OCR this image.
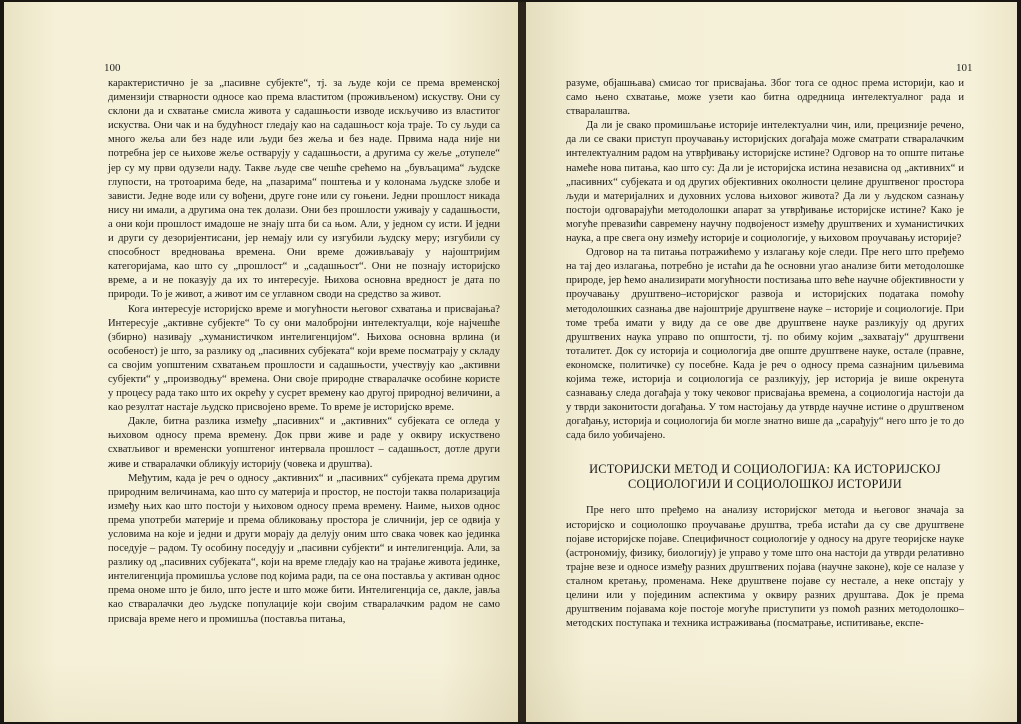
100

карактеристично је за „пасивне субјекте“, тј. за људе који се према временској димензији стварности односе као према властитом (проживљеном) искуству. Они су склони да и схватање смисла живота у садашњости изводе искључиво из властитог искуства. Они чак и на будућност гледају као на садашњост која траје. То су људи са много жеља али без наде или људи без жеља и без наде. Првима нада није ни потребна јер се њихове жеље остварују у садашњости, а другима су жеље „отупеле“ јер су му први одузели наду. Такве људе све чешће срећемо на „бувљацима“ људске глупости, на тротоарима беде, на „пазарима“ поштења и у колонама људске злобе и зависти. Једне воде или су вођени, друге гоне или су гоњени. Једни прошлост никада нису ни имали, а другима она тек долази. Они без прошлости уживају у садашњости, а они који прошлост имадоше не знају шта би са њом. Али, у једном су исти. И једни и други су дезоријентисани, јер немају или су изгубили људску меру; изгубили су способност вредновања времена. Они време доживљавају у најоштријим категоријама, као што су „прошлост“ и „садашњост“. Они не познају историјско време, а и не показују да их то интересује. Њихова основна вредност је дата по природи. То је живот, а живот им се углавном своди на средство за живот.

Кога интересује историјско време и могућности његовог схватања и присвајања? Интересује „активне субјекте“ То су они малобројни интелектуалци, које најчешће (збирно) називају „хуманистичком интелигенцијом“. Њихова основна врлина (и особеност) је што, за разлику од „пасивних субјеката“ који време посматрају у складу са својим уопштеним схватањем прошлости и садашњости, учествују као „активни субјекти“ у „производњу“ времена. Они своје природне стваралачке особине користе у процесу рада тако што их окрећу у сусрет времену као другој природној величини, а као резултат настаје људско присвојено време. То време је историјско време.

Дакле, битна разлика између „пасивних“ и „активних“ субјеката се огледа у њиховом односу према времену. Док први живе и раде у оквиру искуствено схватљивог и временски уопштеног интервала прошлост – садашњост, дотле други живе и стваралачки обликују историју (човека и друштва).

Међутим, када је реч о односу „активних“ и „пасивних“ субјеката према другим природним величинама, као што су материја и простор, не постоји таква поларизација између њих као што постоји у њиховом односу према времену. Наиме, њихов однос према употреби материје и према обликовању простора је сличнији, јер се одвија у условима на које и једни и други морају да делују оним што свака човек као јединка поседује – радом. Ту особину поседују и „пасивни субјекти“ и интелигенција. Али, за разлику од „пасивних субјеката“, који на време гледају као на трајање живота јединке, интелигенција промишља услове под којима ради, па се она постављa у активан однос према ономе што је било, што јесте и што може бити. Интелигенција се, дакле, јавља као стваралачки део људске популације који својим стваралачким радом не само присваја време него и промишља (постављa питања,

101

разуме, објашњава) смисао тог присвајања. Због тога се однос према историји, као и само њено схватање, може узети као битна одредница интелектуалног рада и стваралаштва.

Да ли је свако промишљање историје интелектуални чин, или, прецизније речено, да ли се сваки приступ проучавању историјских догађаја може сматрати стваралачким интелектуалним радом на утврђивању историјске истине? Одговор на то опште питање намеће нова питања, као што су: Да ли је историјска истина независна од „активних“ и „пасивних“ субјеката и од других објективних околности целине друштвеног простора људи и материјалних и духовних услова њиховог живота? Да ли у људском сазнању постоји одговарајући методолошки апарат за утврђивање историјске истине? Како је могуће превазићи савремену научну подвојеност између друштвених и хуманистичких наука, а пре свега ону између историје и социологије, у њиховом проучавању историје?

Одговор на та питања потражићемо у излагању које следи. Пре него што пређемо на тај део излагања, потребно је истаћи да ће основни угао анализе бити методолошке природе, јер ћемо анализирати могућности постизања што веће научне објективности у проучавању друштвено–историјског развоја и историјских података помоћу методолошких сазнања две најоштрије друштвене науке – историје и социологије. При томе треба имати у виду да се ове две друштвене науке разликују од других друштвених наука управо по општости, тј. по обиму којим „захватају“ друштвени тоталитет. Док су историја и социологија две опште друштвене науке, остале (правне, економске, политичке) су посебне. Када је реч о односу према сазнајним циљевима којима теже, историја и социологија се разликују, јер историја је више окренута сазнавању следа догађаја у току чековог присвајања времена, а социологија настоји да у тврди законитости догађања. У том настојању да утврде научне истине о друштвеном догађању, историја и социологија би могле знатно више да „сарађују“ него што је то до сада било уобичајено.

ИСТОРИЈСКИ МЕТОД И СОЦИОЛОГИЈА: КА ИСТОРИЈСКОЈ
СОЦИОЛОГИЈИ И СОЦИОЛОШКОЈ ИСТОРИЈИ

Пре него што пређемо на анализу историјског метода и његовог значаја за историјско и социолошко проучавање друштва, треба истаћи да су све друштвене појаве историјске појаве. Специфичност социологије у односу на друге теоријске науке (астрономију, физику, биологију) је управо у томе што она настоји да утврди релативно трајне везе и односе између разних друштвених појава (научне законе), које се налазе у сталном кретању, променама. Неке друштвене појаве су нестале, а неке опстају у целини или у појединим аспектима у оквиру разних друштава. Док је према друштвеним појавама које постоје могуће приступити уз помоћ разних методолошко–методских поступака и техника истраживања (посматрање, испитивање, експе-
